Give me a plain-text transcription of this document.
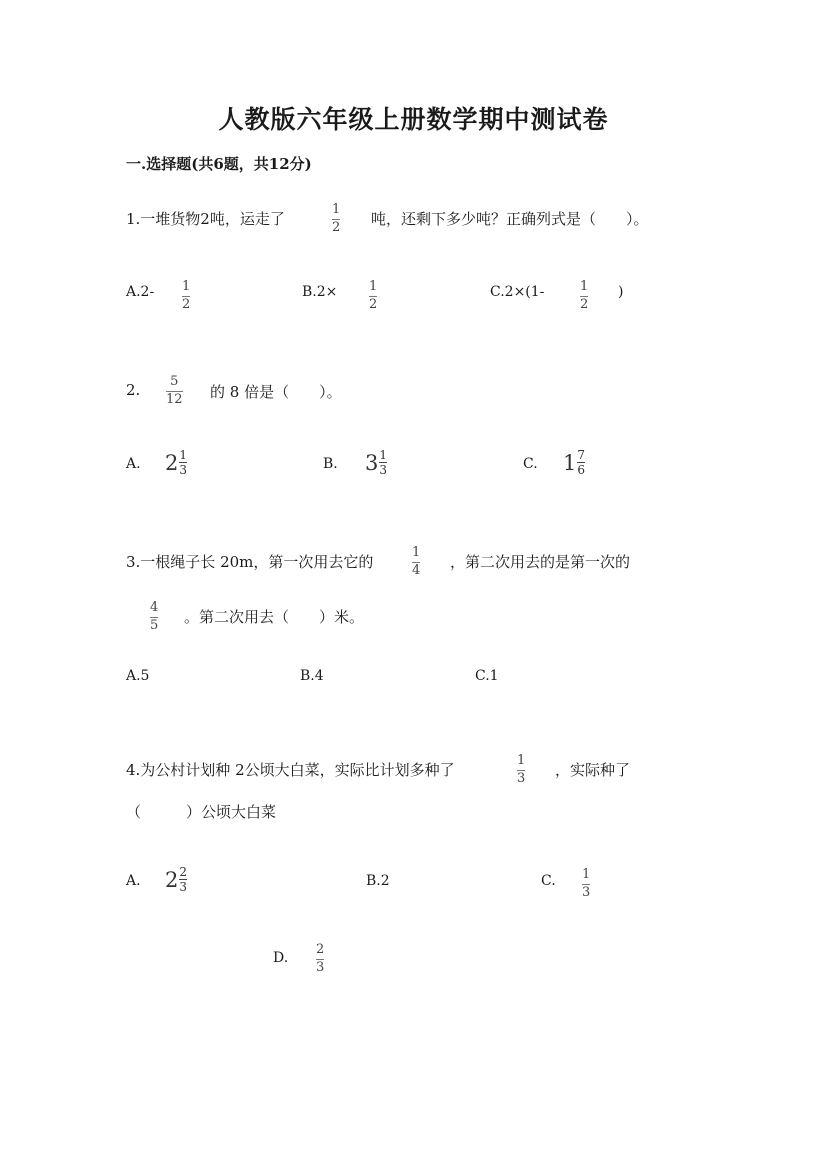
人教版六年级上册数学期中测试卷
一.选择题(共6题，共12分)
1.一堆货物2吨，运走了
1
2 吨，还剩下多少吨？正确列式是（　　）。
A.2- 1
2
B.2× 1
2
C.2×(1-	1
2
)
2. 5
12 的 8 倍是（　　）。
A. $2 \frac{1}{3}$	B. $3 \frac{1}{3}$	C. $1 \frac{7}{6}$
3.一根绳子长 20m，第一次用去它的
1
4 ，第二次用去的是第一次的
4
5 。第二次用去（　　）米。
A.5	B.4	C.1
4.为公村计划种 2公顷大白菜，实际比计划多种了
1
3 ，实际种了
（　　　）公顷大白菜
A. $2 \frac{2}{3}$	B.2	C. 1
3
D.
2
3
